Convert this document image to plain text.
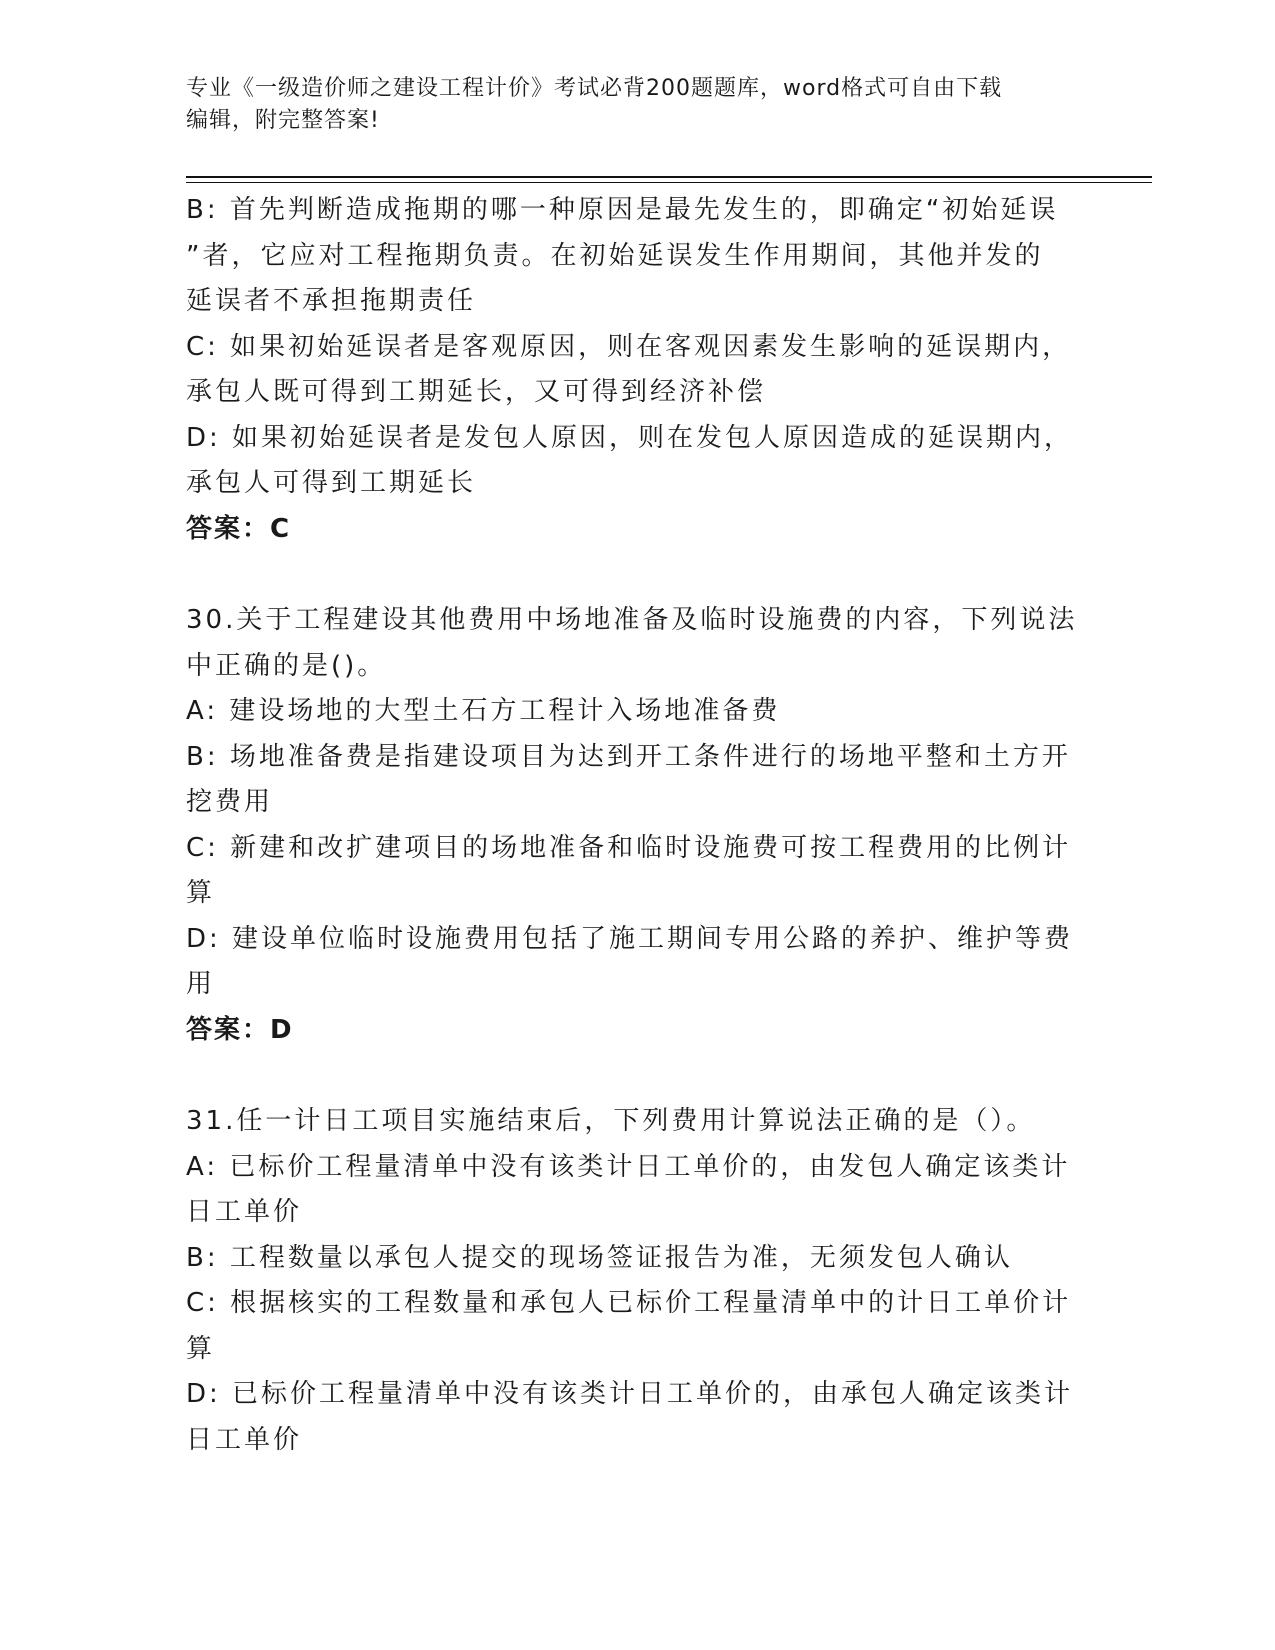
专业《一级造价师之建设工程计价》考试必背200题题库，word格式可自由下载
编辑，附完整答案!
B: 首先判断造成拖期的哪一种原因是最先发生的，即确定“初始延误
”者，它应对工程拖期负责。在初始延误发生作用期间，其他并发的
延误者不承担拖期责任
C: 如果初始延误者是客观原因，则在客观因素发生影响的延误期内，
承包人既可得到工期延长，又可得到经济补偿
D: 如果初始延误者是发包人原因，则在发包人原因造成的延误期内，
承包人可得到工期延长
答案：C
30.关于工程建设其他费用中场地准备及临时设施费的内容，下列说法
中正确的是()。
A: 建设场地的大型土石方工程计入场地准备费
B: 场地准备费是指建设项目为达到开工条件进行的场地平整和土方开
挖费用
C: 新建和改扩建项目的场地准备和临时设施费可按工程费用的比例计
算
D: 建设单位临时设施费用包括了施工期间专用公路的养护、维护等费
用
答案：D
31.任一计日工项目实施结束后，下列费用计算说法正确的是（）。
A: 已标价工程量清单中没有该类计日工单价的，由发包人确定该类计
日工单价
B: 工程数量以承包人提交的现场签证报告为准，无须发包人确认
C: 根据核实的工程数量和承包人已标价工程量清单中的计日工单价计
算
D: 已标价工程量清单中没有该类计日工单价的，由承包人确定该类计
日工单价
